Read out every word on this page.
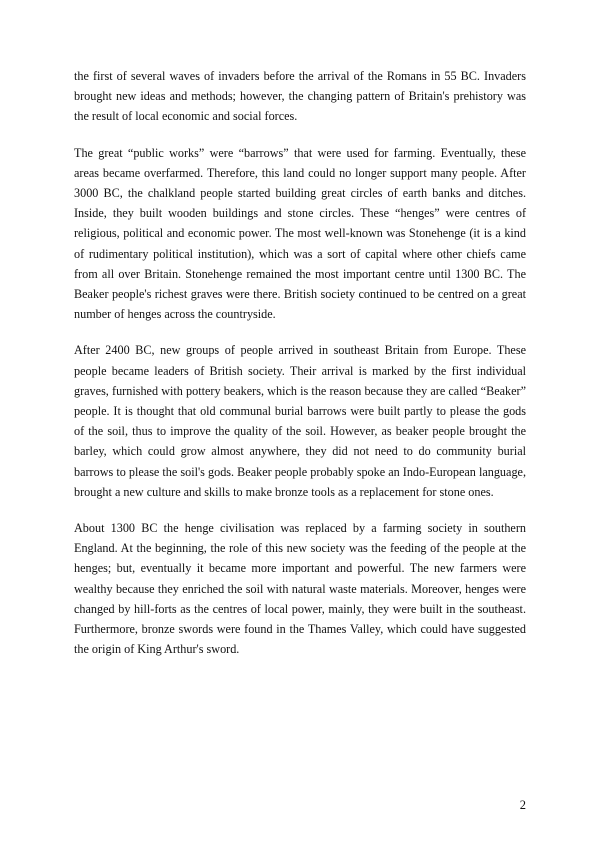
the first of several waves of invaders before the arrival of the Romans in 55 BC. Invaders brought new ideas and methods; however, the changing pattern of Britain's prehistory was the result of local economic and social forces.

The great “public works” were “barrows” that were used for farming. Eventually, these areas became overfarmed. Therefore, this land could no longer support many people. After 3000 BC, the chalkland people started building great circles of earth banks and ditches. Inside, they built wooden buildings and stone circles. These “henges” were centres of religious, political and economic power. The most well-known was Stonehenge (it is a kind of rudimentary political institution), which was a sort of capital where other chiefs came from all over Britain. Stonehenge remained the most important centre until 1300 BC. The Beaker people's richest graves were there. British society continued to be centred on a great number of henges across the countryside.

After 2400 BC, new groups of people arrived in southeast Britain from Europe. These people became leaders of British society. Their arrival is marked by the first individual graves, furnished with pottery beakers, which is the reason because they are called “Beaker” people. It is thought that old communal burial barrows were built partly to please the gods of the soil, thus to improve the quality of the soil. However, as beaker people brought the barley, which could grow almost anywhere, they did not need to do community burial barrows to please the soil's gods. Beaker people probably spoke an Indo-European language, brought a new culture and skills to make bronze tools as a replacement for stone ones.

About 1300 BC the henge civilisation was replaced by a farming society in southern England. At the beginning, the role of this new society was the feeding of the people at the henges; but, eventually it became more important and powerful. The new farmers were wealthy because they enriched the soil with natural waste materials. Moreover, henges were changed by hill-forts as the centres of local power, mainly, they were built in the southeast. Furthermore, bronze swords were found in the Thames Valley, which could have suggested the origin of King Arthur's sword.

2
